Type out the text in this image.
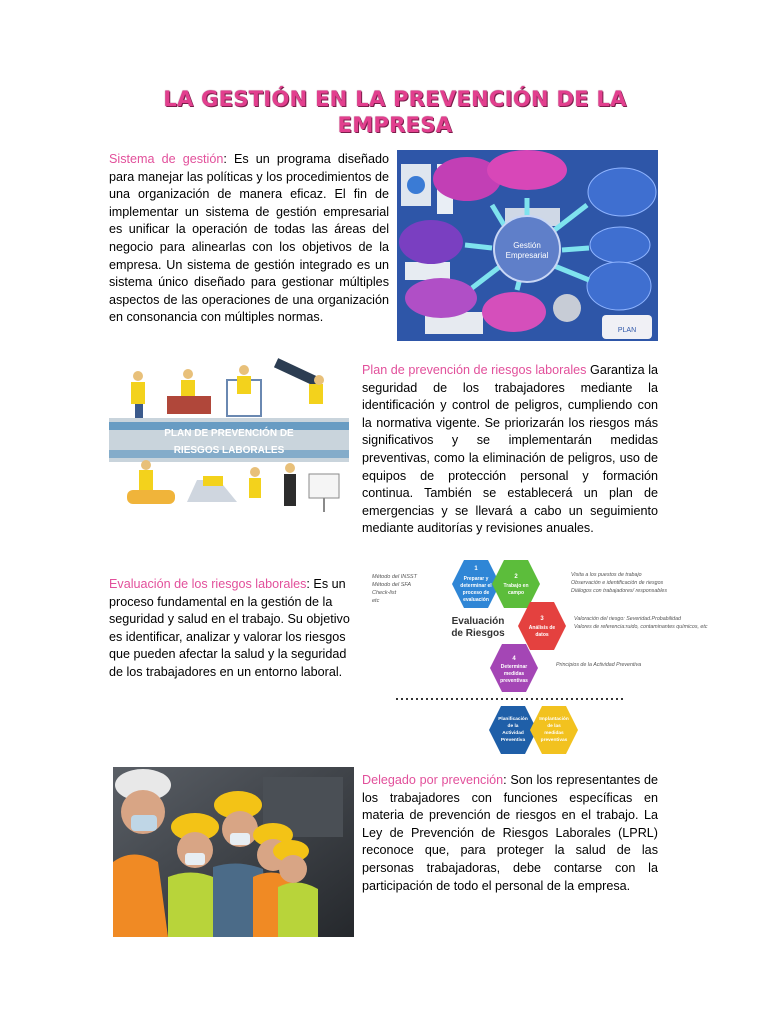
LA GESTIÓN EN LA PREVENCIÓN DE LA
EMPRESA

Sistema de gestión: Es un programa diseñado para manejar las políticas y los procedimientos de una organización de manera eficaz. El fin de implementar un sistema de gestión empresarial es unificar la operación de todas las áreas del negocio para alinearlas con los objetivos de la empresa. Un sistema de gestión integrado es un sistema único diseñado para gestionar múltiples aspectos de las operaciones de una organización en consonancia con múltiples normas.

Gestión
Empresarial
PLAN
PLAN DE PREVENCIÓN DE
RIESGOS LABORALES

Plan de prevención de riesgos laborales Garantiza la seguridad de los trabajadores mediante la identificación y control de peligros, cumpliendo con la normativa vigente. Se priorizarán los riesgos más significativos y se implementarán medidas preventivas, como la eliminación de peligros, uso de equipos de protección personal y formación continua. También se establecerá un plan de emergencias y se llevará a cabo un seguimiento mediante auditorías y revisiones anuales.

Evaluación de los riesgos laborales: Es un proceso fundamental en la gestión de la seguridad y salud en el trabajo. Su objetivo es identificar, analizar y valorar los riesgos que pueden afectar la salud y la seguridad de los trabajadores en un entorno laboral.

Método del INSST
Método del SFA
Check-list
etc
Evaluación
de Riesgos
1
Preparar y
determinar el
proceso de
evaluación
2
Trabajo en
campo
3
Análisis de
datos
4
Determinar
medidas
preventivas
Planificación
de la
Actividad
Preventiva
Implantación
de las
medidas
preventivas
Visita a los puestos de trabajo
Observación e identificación de riesgos
Diálogos con trabajadores/ responsables
Valoración del riesgo: Severidad.Probabilidad
Valores de referencia:ruido, contaminantes químicos, etc
Principios de la Actividad Preventiva

Delegado por prevención: Son los representantes de los trabajadores con funciones específicas en materia de prevención de riesgos en el trabajo. La Ley de Prevención de Riesgos Laborales (LPRL) reconoce que, para proteger la salud de las personas trabajadoras, debe contarse con la participación de todo el personal de la empresa.
